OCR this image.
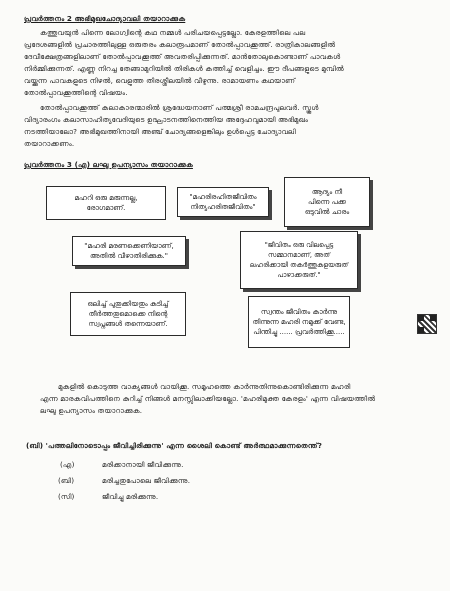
പ്രവർത്തനം 2 അഭിമുഖചോദ്യാവലി തയാറാക്കുക
കത്തുവയുൻ പിന്നെ ലോഗ്വിന്റെ കഥ നമ്മൾ പരിചയപ്പെട്ടല്ലോ. കേരളത്തിലെ പല
പ്രദേശങ്ങളിൽ പ്രചാരത്തിലുള്ള ഒരുതരം കലാരൂപമാണ് തോൽപ്പാവക്കൂത്ത്. രാത്രികാലങ്ങളിൽ
ദേവീക്ഷേത്രങ്ങളിലാണ് തോൽപ്പാവക്കൂത്ത് അവതരിപ്പിക്കുന്നത്. മാൻതോലുകൊണ്ടാണ് പാവകൾ
നിർമ്മിക്കുന്നത്. എണ്ണ നിറച്ച തേങ്ങാമുറിയിൽ തിരികൾ കത്തിച്ച് വെളിച്ചം. ഈ ദീപങ്ങളുടെ മുമ്പിൽ
വയ്ക്കുന്ന പാവകളുടെ നിഴൽ, വെളുത്ത തിരശ്ശീലയിൽ വീഴുന്നു. രാമായണം കഥയാണ്
തോൽപ്പാവക്കൂത്തിന്റെ വിഷയം.
തോൽപ്പാവക്കൂത്ത് കലാകാരന്മാരിൽ ശ്രദ്ധേയനാണ് പത്മശ്രീ രാമചന്ദ്രപുലവർ. സ്കൂൾ
വിദ്യാരംഗം കലാസാഹിത്യവേദിയുടെ ഉദ്ഘാടനത്തിനെത്തിയ അദ്ദേഹവുമായി അഭിമുഖം
നടത്തിയാലോ? അഭിമുഖത്തിനായി അഞ്ച് ചോദ്യങ്ങളെങ്കിലും ഉൾപ്പെട്ട ചോദ്യാവലി
തയാറാക്കണം.
പ്രവർത്തനം 3 (എ) ലഘു ഉപന്യാസം തയാറാക്കുക
മഹറി ഒരു മരുന്നല്ല,
രോഗമാണ്.
"മഹരിരഹിതജീവിതം
നിത്യഹരിതജീവിതം"
ആദ്യം നീ
പിന്നെ പക്ക
ഒടുവിൽ ചാരം
"മഹരി മരണക്കെണിയാണ്,
അതിൽ വീഴാതിരിക്കുക."
"ജീവിതം ഒരു വിലപ്പെട്ട
സമ്മാനമാണ്, അത്
ലഹരിക്കായി തകർത്തുകളയരുത്
പാഴാക്കരുത്."
ഒലിച്ച് പുതുക്കിയതും കുടിച്ച്
തീർത്തതുമൊക്കെ നിന്റെ
സ്വപ്നങ്ങൾ തന്നെയാണ്.
സ്വന്തം ജീവിതം കാർന്നു
തിന്നുന്ന മഹരി നമുക്ക് വേണ്ട,
പിന്തിച്ചു ...... പ്രവർത്തിക്കൂ.....
മുകളിൽ കൊടുത്ത വാക്യങ്ങൾ വായിക്കൂ. സമൂഹത്തെ കാർന്നുതിന്നുകൊണ്ടിരിക്കുന്ന മഹരി
എന്ന മാരകവിപത്തിനെ കുറിച്ച് നിങ്ങൾ മനസ്സിലാക്കിയല്ലോ. 'മഹരിമുക്ത കേരളം' എന്ന വിഷയത്തിൽ
ലഘു ഉപന്യാസം തയാറാക്കുക.
(ബി) 'പത്തലിനോടൊപ്പം ജീവിച്ചിരിക്കുന്നു' എന്ന ശൈലി കൊണ്ട് അർത്ഥമാക്കുന്നതെന്ത്?
(എ)	മരിക്കാനായി ജീവിക്കുന്നു.
(ബി)	മരിച്ചതുപോലെ ജീവിക്കുന്നു.
(സി)	ജീവിച്ചു മരിക്കുന്നു.
